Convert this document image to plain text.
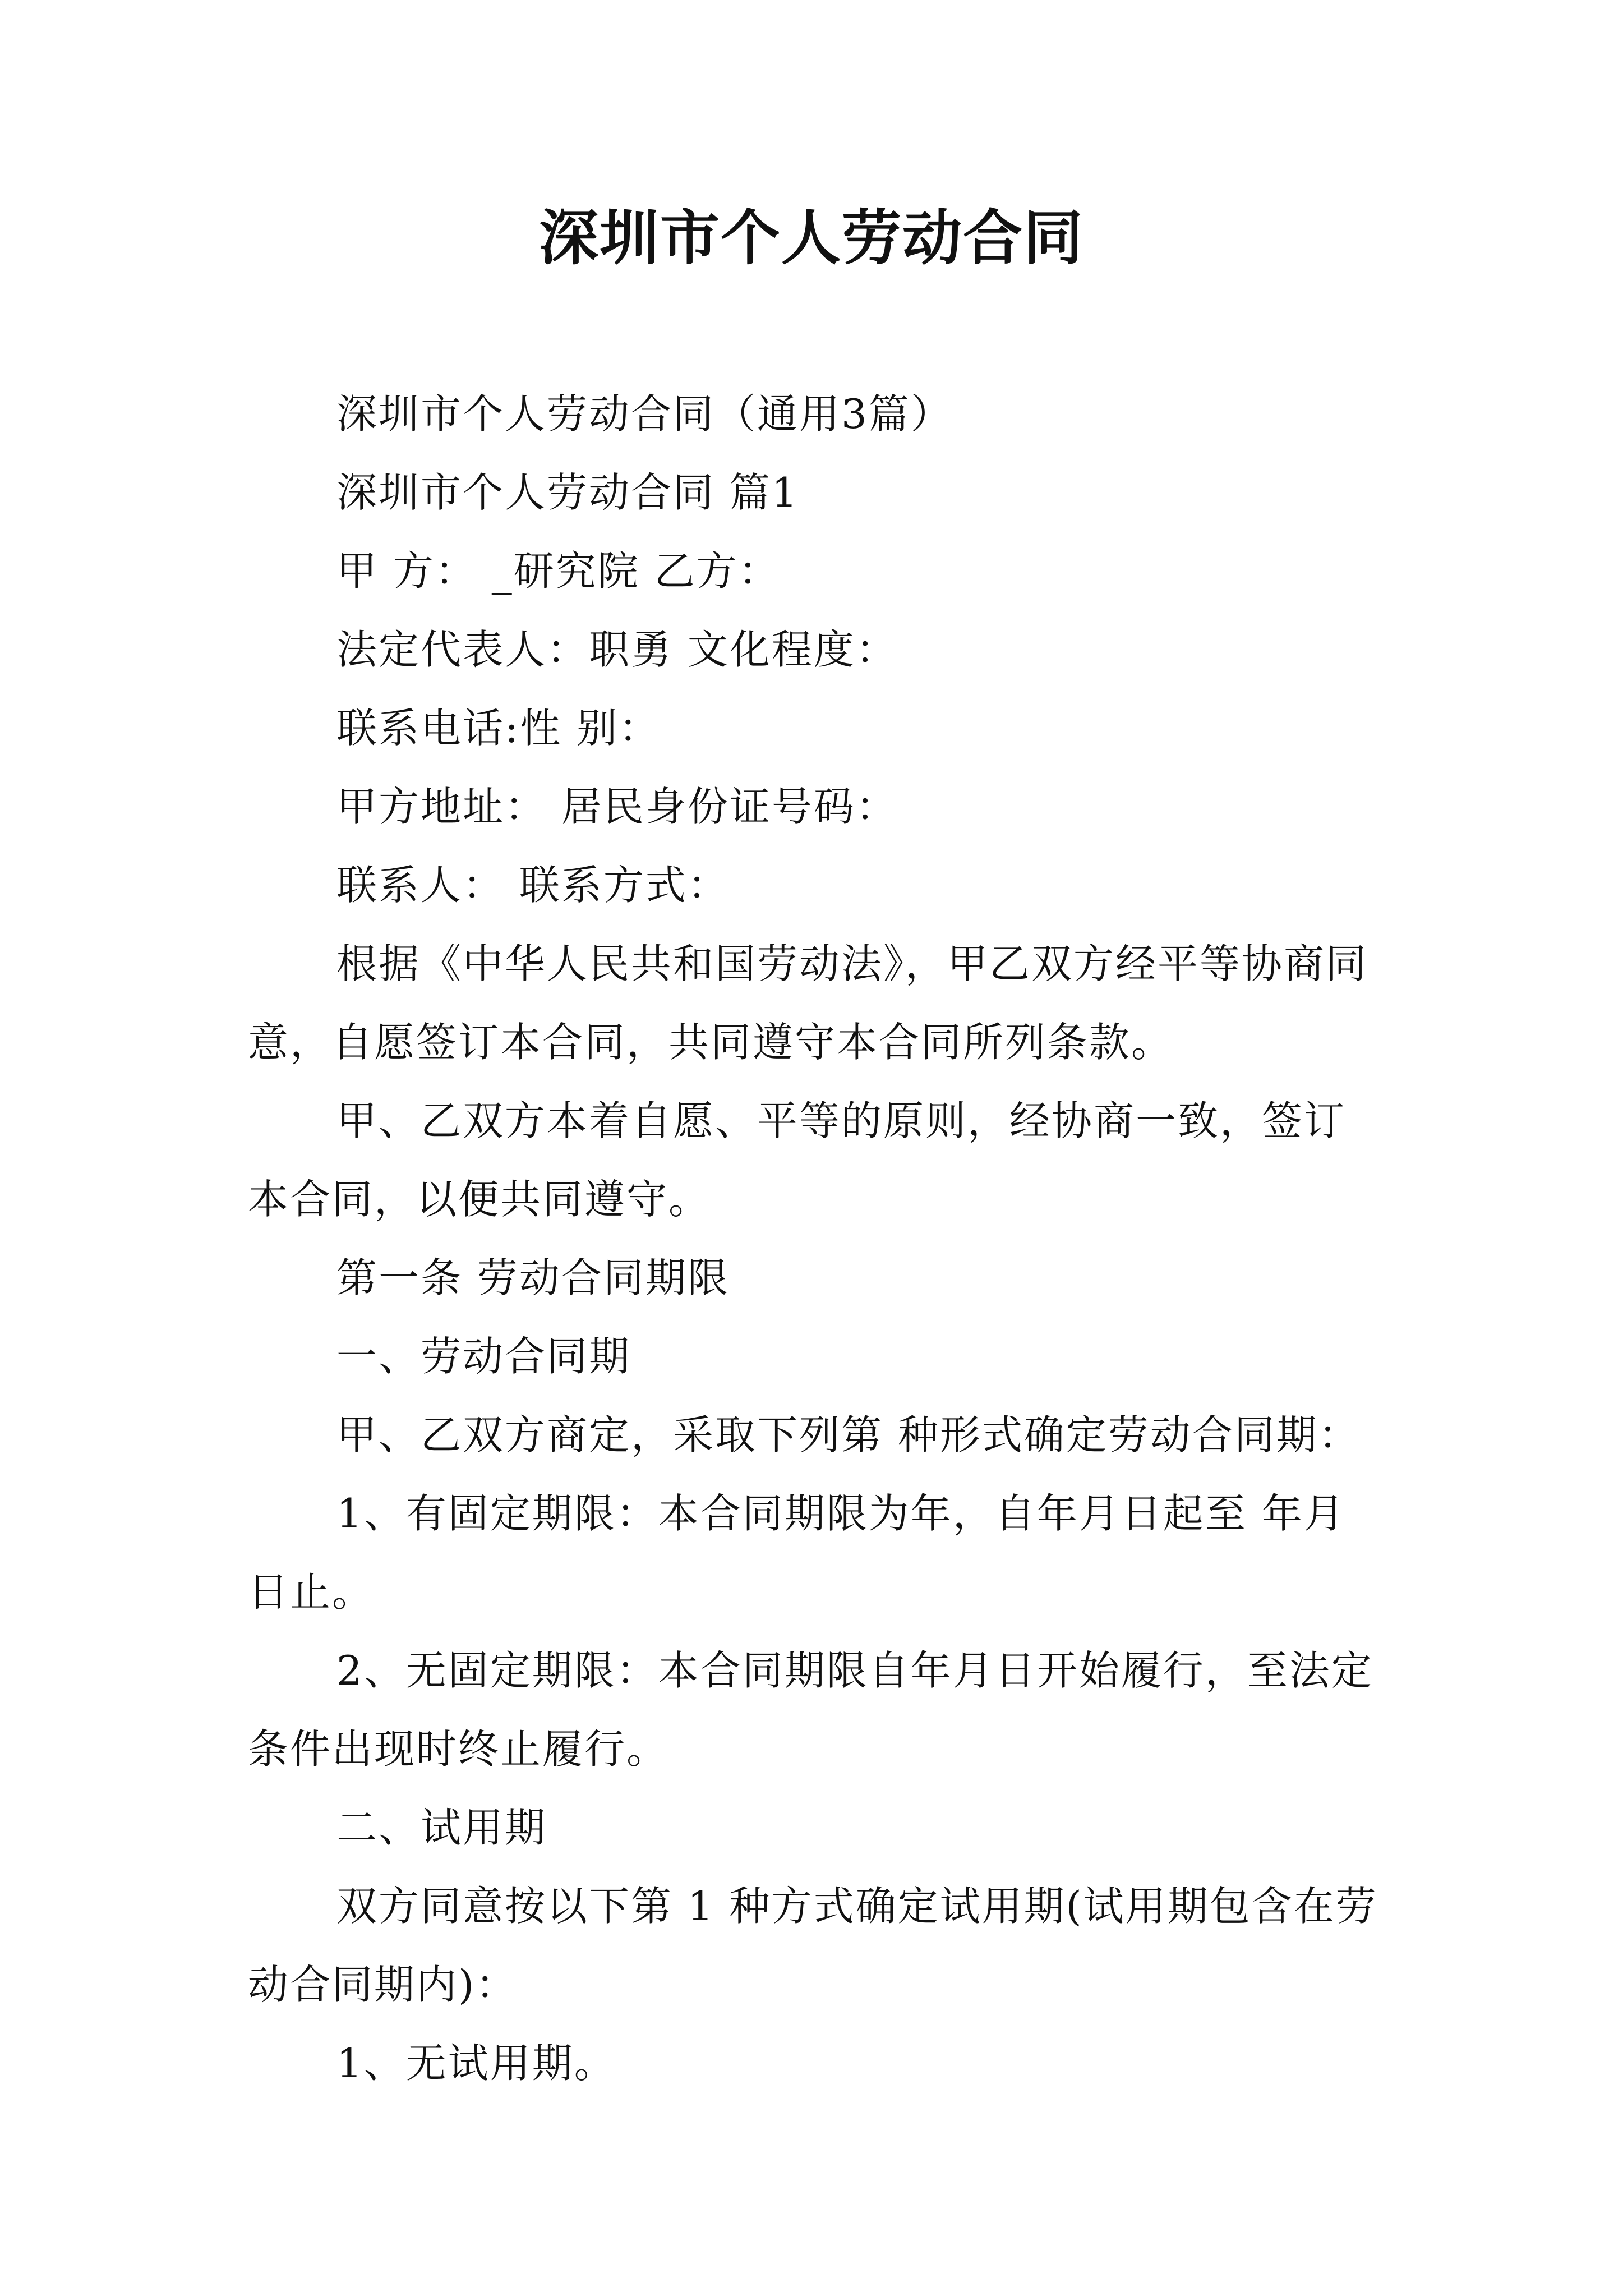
深圳市个人劳动合同

深圳市个人劳动合同（通用3篇）

深圳市个人劳动合同 篇1

甲 方： _研究院 乙方：

法定代表人：职勇 文化程度：

联系电话:性 别：

甲方地址： 居民身份证号码：

联系人： 联系方式：

根据《中华人民共和国劳动法》，甲乙双方经平等协商同意，自愿签订本合同，共同遵守本合同所列条款。

甲、乙双方本着自愿、平等的原则，经协商一致，签订本合同，以便共同遵守。

第一条 劳动合同期限

一、劳动合同期

甲、乙双方商定，采取下列第 种形式确定劳动合同期：

1、有固定期限：本合同期限为年，自年月日起至 年月日止。

2、无固定期限：本合同期限自年月日开始履行，至法定条件出现时终止履行。

二、试用期

双方同意按以下第 1 种方式确定试用期(试用期包含在劳动合同期内)：

1、无试用期。
